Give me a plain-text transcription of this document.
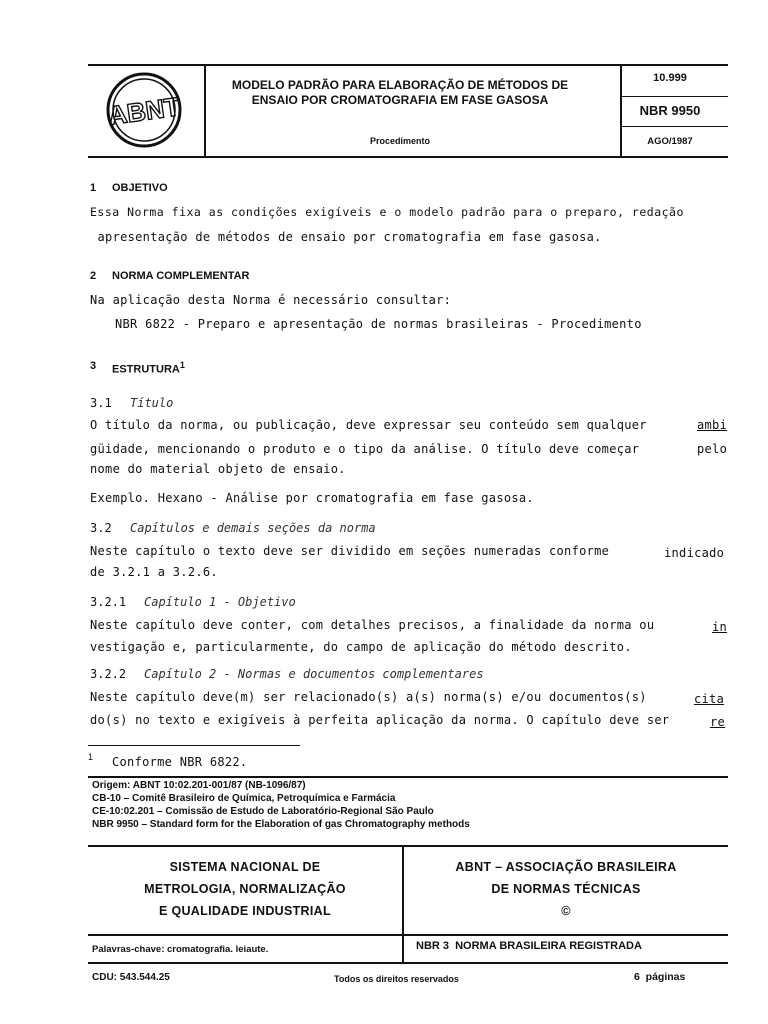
ABNT
MODELO PADRÃO PARA ELABORAÇÃO DE MÉTODOS DE
ENSAIO POR CROMATOGRAFIA EM FASE GASOSA
Procedimento
10.999
NBR 9950
AGO/1987
1 OBJETIVO
Essa Norma fixa as condições exigíveis e o modelo padrão para o preparo, redação
apresentação de métodos de ensaio por cromatografia em fase gasosa.
2 NORMA COMPLEMENTAR
Na aplicação desta Norma é necessário consultar:
NBR 6822 - Preparo e apresentação de normas brasileiras - Procedimento
3 ESTRUTURA$^1$
3.1 Título
O título da norma, ou publicação, deve expressar seu conteúdo sem qualquer	ambi
güidade, mencionando o produto e o tipo da análise. O título deve começar	pelo
nome do material objeto de ensaio.
Exemplo. Hexano - Análise por cromatografia em fase gasosa.
3.2 Capítulos e demais seções da norma
Neste capítulo o texto deve ser dividido em seções numeradas conforme	indicado
de 3.2.1 a 3.2.6.
3.2.1 Capítulo 1 - Objetivo
Neste capítulo deve conter, com detalhes precisos, a finalidade da norma ou	in
vestigação e, particularmente, do campo de aplicação do método descrito.
3.2.2 Capítulo 2 - Normas e documentos complementares
Neste capítulo deve(m) ser relacionado(s) a(s) norma(s) e/ou documentos(s)	cita
do(s) no texto e exigíveis à perfeita aplicação da norma. O capítulo deve ser	re
1 Conforme NBR 6822.
Origem: ABNT 10:02.201-001/87 (NB-1096/87)
CB-10 – Comitê Brasileiro de Química, Petroquímica e Farmácia
CE-10:02.201 – Comissão de Estudo de Laboratório-Regional São Paulo
NBR 9950 – Standard form for the Elaboration of gas Chromatography methods
SISTEMA NACIONAL DE
METROLOGIA, NORMALIZAÇÃO
E QUALIDADE INDUSTRIAL
ABNT – ASSOCIAÇÃO BRASILEIRA
DE NORMAS TÉCNICAS
©
Palavras-chave: cromatografia. leiaute.	NBR 3  NORMA BRASILEIRA REGISTRADA
CDU: 543.544.25	Todos os direitos reservados	6  páginas
